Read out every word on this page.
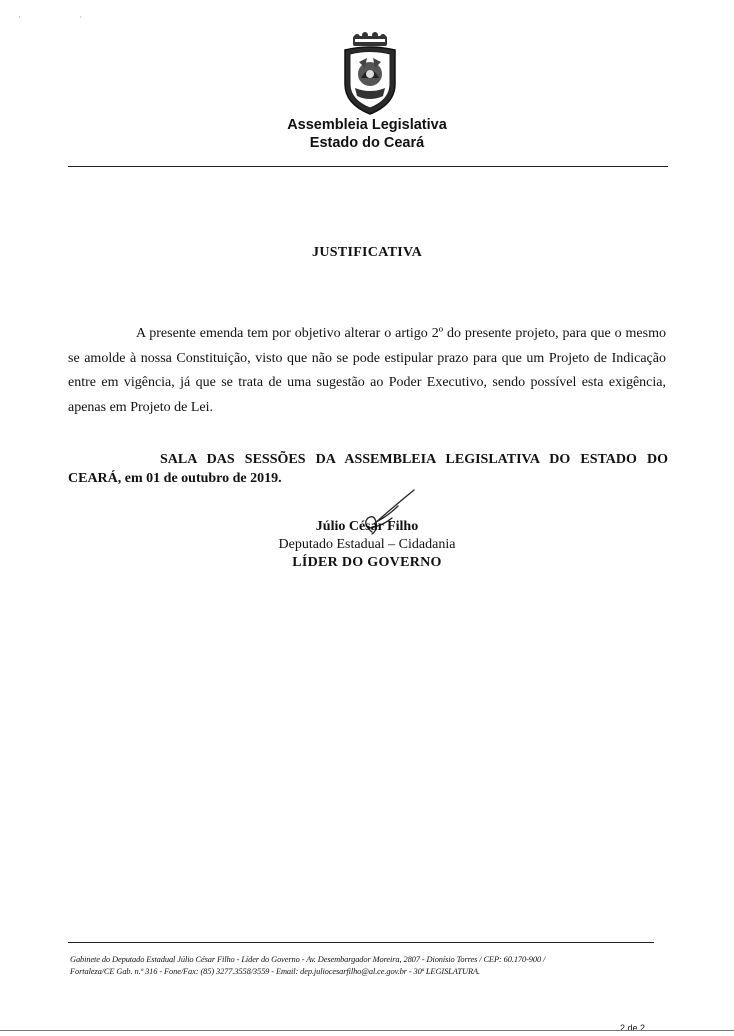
· ·
Assembleia Legislativa
Estado do Ceará
JUSTIFICATIVA
A presente emenda tem por objetivo alterar o artigo 2º do presente projeto, para que o mesmo se amolde à nossa Constituição, visto que não se pode estipular prazo para que um Projeto de Indicação entre em vigência, já que se trata de uma sugestão ao Poder Executivo, sendo possível esta exigência, apenas em Projeto de Lei.
SALA DAS SESSÕES DA ASSEMBLEIA LEGISLATIVA DO ESTADO DO CEARÁ, em 01 de outubro de 2019.
Júlio César Filho
Deputado Estadual – Cidadania
LÍDER DO GOVERNO
Gabinete do Deputado Estadual Júlio César Filho - Líder do Governo - Av. Desembargador Moreira, 2807 - Dionísio Torres / CEP: 60.170-900 /
Fortaleza/CE Gab. n.º 316 - Fone/Fax: (85) 3277.3558/3559 - Email: dep.juliocesarfilho@al.ce.gov.br - 30ª LEGISLATURA.
2 de 2
